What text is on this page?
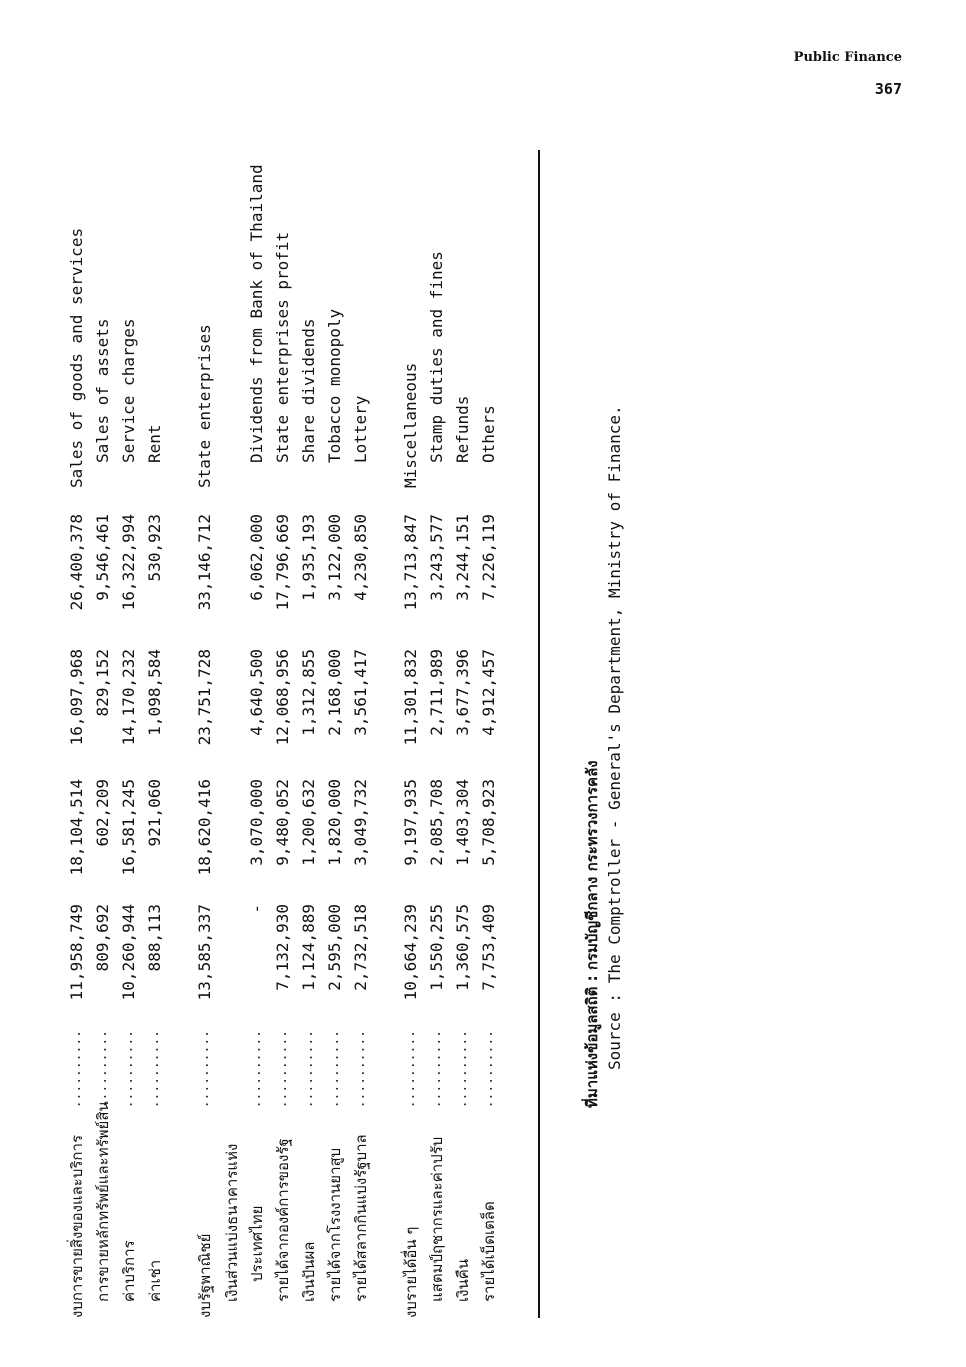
Public Finance
367
งบการขายสิ่งของและบริการ
..........
11,958,749
18,104,514
16,097,968
26,400,378
Sales of goods and services
การขายหลักทรัพย์และทรัพย์สิน
..........
809,692
602,209
829,152
9,546,461
Sales of assets
ค่าบริการ
..........
10,260,944
16,581,245
14,170,232
16,322,994
Service charges
ค่าเช่า
..........
888,113
921,060
1,098,584
530,923
Rent
งบรัฐพาณิชย์
..........
13,585,337
18,620,416
23,751,728
33,146,712
State enterprises
เงินส่วนแบ่งธนาคารแห่ง ประเทศไทย
..........
-
3,070,000
4,640,500
6,062,000
Dividends from Bank of Thailand
รายได้จากองค์การของรัฐ
..........
7,132,930
9,480,052
12,068,956
17,796,669
State enterprises profit
เงินปันผล
..........
1,124,889
1,200,632
1,312,855
1,935,193
Share dividends
รายได้จากโรงงานยาสูบ
..........
2,595,000
1,820,000
2,168,000
3,122,000
Tobacco monopoly
รายได้สลากกินแบ่งรัฐบาล
..........
2,732,518
3,049,732
3,561,417
4,230,850
Lottery
งบรายได้อื่น ๆ
..........
10,664,239
9,197,935
11,301,832
13,713,847
Miscellaneous
แสตมป์ฤชากรและค่าปรับ
..........
1,550,255
2,085,708
2,711,989
3,243,577
Stamp duties and fines
เงินคืน
..........
1,360,575
1,403,304
3,677,396
3,244,151
Refunds
รายได้เบ็ดเตล็ด
..........
7,753,409
5,708,923
4,912,457
7,226,119
Others
ที่มาแห่งข้อมูลสถิติ : กรมบัญชีกลาง กระทรวงการคลัง Source : The Comptroller - General's Department, Ministry of Finance.
